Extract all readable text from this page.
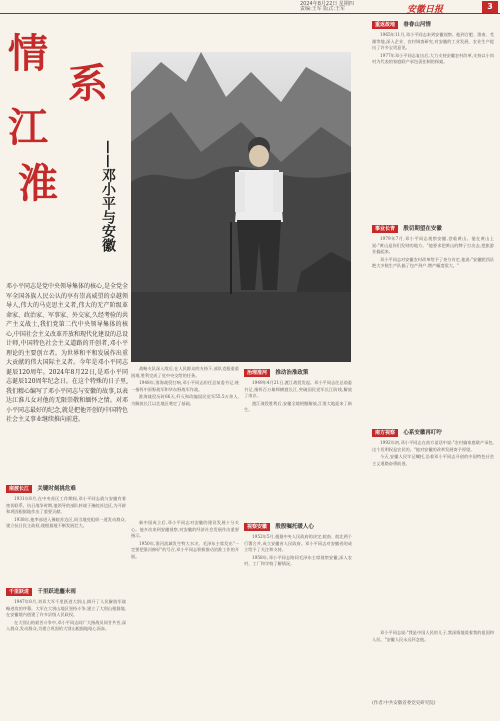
2024年8月22日 星期四
责编:王军 版式:王军	安徽日报	3
情
系
江
淮	——邓小平与安徽
邓小平同志是党中央领导集体的核心,是全党全军全国各族人民公认的享有崇高威望的卓越领导人,伟大的马克思主义者,伟大的无产阶级革命家、政治家、军事家、外交家,久经考验的共产主义战士,我们党第二代中央领导集体的核心,中国社会主义改革开放和现代化建设的总设计师,中国特色社会主义道路的开创者,邓小平理论的主要创立者。为世界和平和发展作出重大贡献的伟大国际主义者。今年是邓小平同志诞辰120周年。2024年8月22日,是邓小平同志诞辰120周年纪念日。在这个特殊的日子里,我们精心编写了邓小平同志与安徽的故事,以表达江淮儿女对他的无限崇敬和缅怀之情。对邓小平同志最好的纪念,就是把他开创的中国特色社会主义事业继续推向前进。
南渡长江 关键时刻挑危难

1931年8月,在中央苏区工作期间,邓小平同志就与安徽有着密切联系。抗日战争时期,他领导的部队转战于豫皖苏边区,为开辟和巩固根据地作出了重要贡献。

1938年,他率部进入豫皖苏边区,同当地党组织一道发动群众,建立抗日民主政权,使根据地不断发展壮大。

千里跃进 千里跃进鏖未雨

1947年8月,刘邓大军千里跃进大别山,揭开了人民解放军战略进攻的序幕。大军在大别山地区坚持斗争,建立了大别山根据地,在安徽境内创建了许多县级人民政权。

在大别山的艰苦斗争中,邓小平同志同广大指战员同甘共苦,深入群众,发动群众,为建立巩固的大别山根据地呕心沥血。

战略支队深入敌后,在人民群众的支持下,部队克服重重困难,胜利完成了党中央交给的任务。

1948年,淮海战役打响,邓小平同志担任总前委书记,统一指挥中原野战军和华东野战军作战。

淮海战役历时66天,歼灭和改编国民党军55.5万余人,为解放长江以北地区奠定了基础。

治理淮河 推动治淮政策

1949年4月21日,渡江战役发起。邓小平同志任总前委书记,指挥百万雄师横渡长江,突破国民党军长江防线,解放了南京。

渡江战役胜利后,安徽全境相继解放,江淮大地迎来了新生。

新中国成立后,邓小平同志对安徽的建设发展十分关心。他多次来到安徽视察,对安徽的经济社会发展作出重要指示。

1950年,淮河流域发生特大水灾。毛泽东主席发出"一定要把淮河修好"的号召,邓小平同志积极推动治淮工作的开展。

视察安徽 殷殷嘱托暖人心

1952年5月,根据中央人民政府的决定,皖南、皖北两个行署合并,成立安徽省人民政府。邓小平同志对安徽省的成立给予了关注和支持。

1958年,邓小平同志陪同毛泽东主席视察安徽,深入农村、工厂和学校了解情况。

重返故地 眷眷山河情

1965年11月,邓小平同志来到安徽视察。他到合肥、淮南、芜湖等地,深入企业、农村调查研究,对安徽的工业发展、农业生产提出了许多宝贵意见。

1977年邓小平同志复出后,大力支持安徽农村改革,支持以小岗村为代表的家庭联产承包责任制的探索。

事业长青 殷切期望在安徽

1979年7月,邓小平同志视察安徽,登临黄山。他在黄山上说:"黄山是你们发财的地方。"他要求把黄山的牌子打出去,把旅游业搞起来。

邓小平同志对安徽农村改革给予了充分肯定,他说:"安徽肥西县绝大多数生产队搞了包产到户,增产幅度很大。"

南方视察 心系安徽再叮咛

1992年初,邓小平同志在南方谈话中说:"农村搞家庭联产承包,这个发明权是农民的。"他对安徽的改革发展寄予厚望。

今天,安徽人民牢记嘱托,沿着邓小平同志开创的中国特色社会主义道路奋勇前进。

邓小平同志说:"我是中国人民的儿子,我深情地爱着我的祖国和人民。"安徽人民永远怀念他。

(作者:中共安徽省委党史研究院)
